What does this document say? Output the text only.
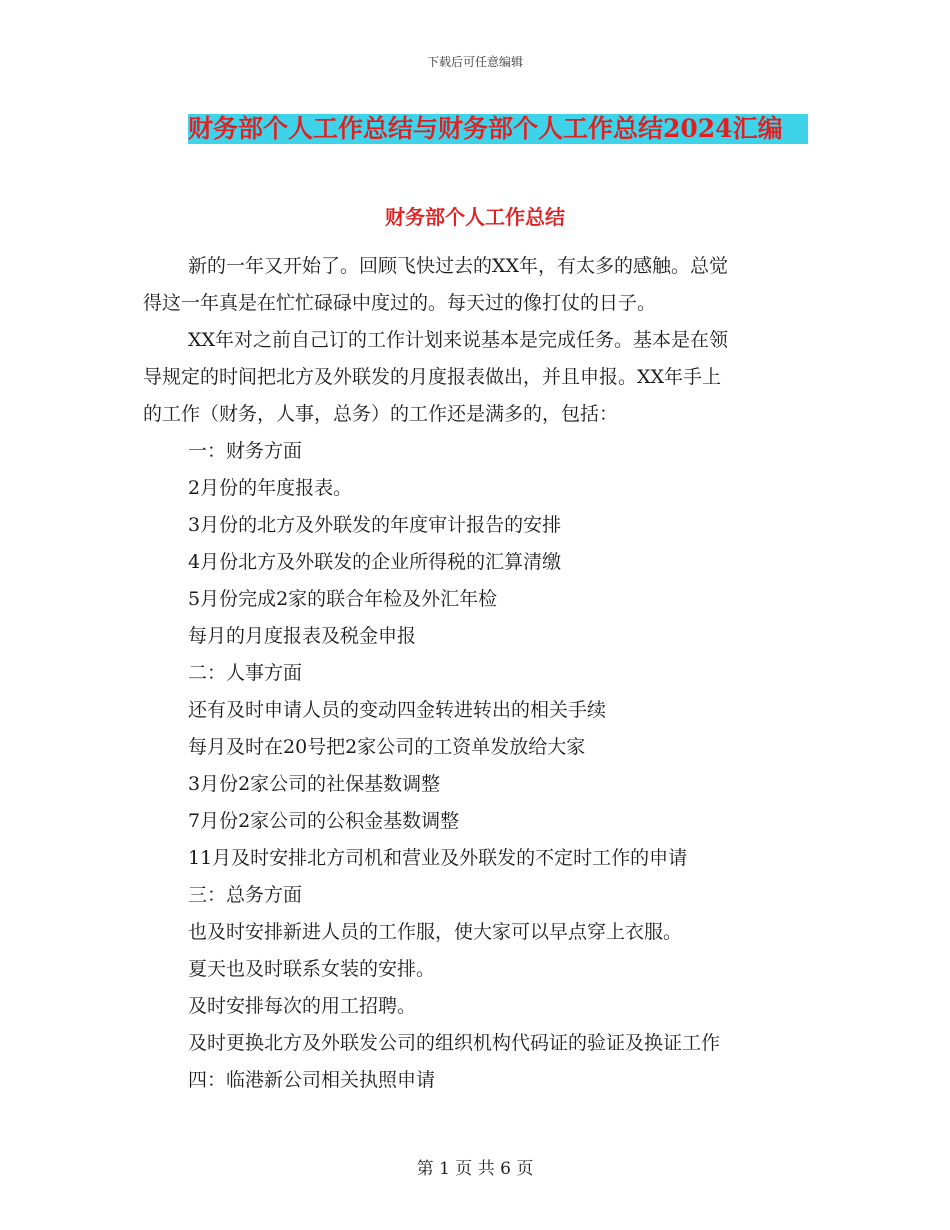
下载后可任意编辑
财务部个人工作总结与财务部个人工作总结2024汇编
财务部个人工作总结
新的一年又开始了。回顾飞快过去的XX年，有太多的感触。总觉
得这一年真是在忙忙碌碌中度过的。每天过的像打仗的日子。
XX年对之前自己订的工作计划来说基本是完成任务。基本是在领
导规定的时间把北方及外联发的月度报表做出，并且申报。XX年手上
的工作（财务，人事，总务）的工作还是满多的，包括：
一：财务方面
2月份的年度报表。
3月份的北方及外联发的年度审计报告的安排
4月份北方及外联发的企业所得税的汇算清缴
5月份完成2家的联合年检及外汇年检
每月的月度报表及税金申报
二：人事方面
还有及时申请人员的变动四金转进转出的相关手续
每月及时在20号把2家公司的工资单发放给大家
3月份2家公司的社保基数调整
7月份2家公司的公积金基数调整
11月及时安排北方司机和营业及外联发的不定时工作的申请
三：总务方面
也及时安排新进人员的工作服，使大家可以早点穿上衣服。
夏天也及时联系女装的安排。
及时安排每次的用工招聘。
及时更换北方及外联发公司的组织机构代码证的验证及换证工作
四：临港新公司相关执照申请
第 1 页 共 6 页
